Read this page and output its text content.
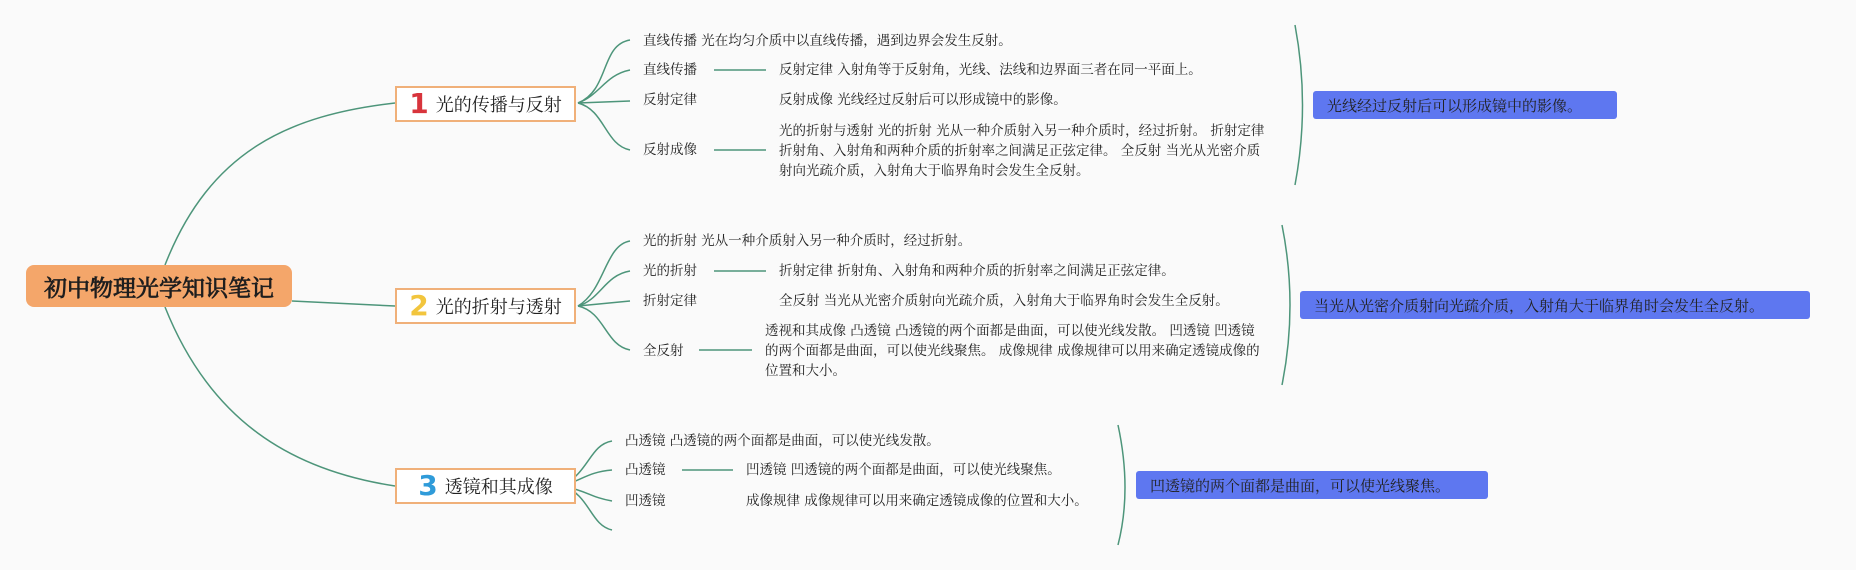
初中物理光学知识笔记
1 光的传播与反射
直线传播 光在均匀介质中以直线传播，遇到边界会发生反射。
直线传播
反射定律
反射成像
反射定律 入射角等于反射角，光线、法线和边界面三者在同一平面上。
反射成像 光线经过反射后可以形成镜中的影像。
光的折射与透射 光的折射 光从一种介质射入另一种介质时，经过折射。 折射定律 折射角、入射角和两种介质的折射率之间满足正弦定律。 全反射 当光从光密介质射向光疏介质，入射角大于临界角时会发生全反射。
光线经过反射后可以形成镜中的影像。
2 光的折射与透射
光的折射 光从一种介质射入另一种介质时，经过折射。
光的折射
折射定律
全反射
折射定律 折射角、入射角和两种介质的折射率之间满足正弦定律。
全反射 当光从光密介质射向光疏介质，入射角大于临界角时会发生全反射。
透视和其成像 凸透镜 凸透镜的两个面都是曲面，可以使光线发散。 凹透镜 凹透镜的两个面都是曲面，可以使光线聚焦。 成像规律 成像规律可以用来确定透镜成像的位置和大小。
当光从光密介质射向光疏介质，入射角大于临界角时会发生全反射。
3 透镜和其成像
凸透镜 凸透镜的两个面都是曲面，可以使光线发散。
凸透镜
凹透镜
凹透镜 凹透镜的两个面都是曲面，可以使光线聚焦。
成像规律 成像规律可以用来确定透镜成像的位置和大小。
凹透镜的两个面都是曲面，可以使光线聚焦。
